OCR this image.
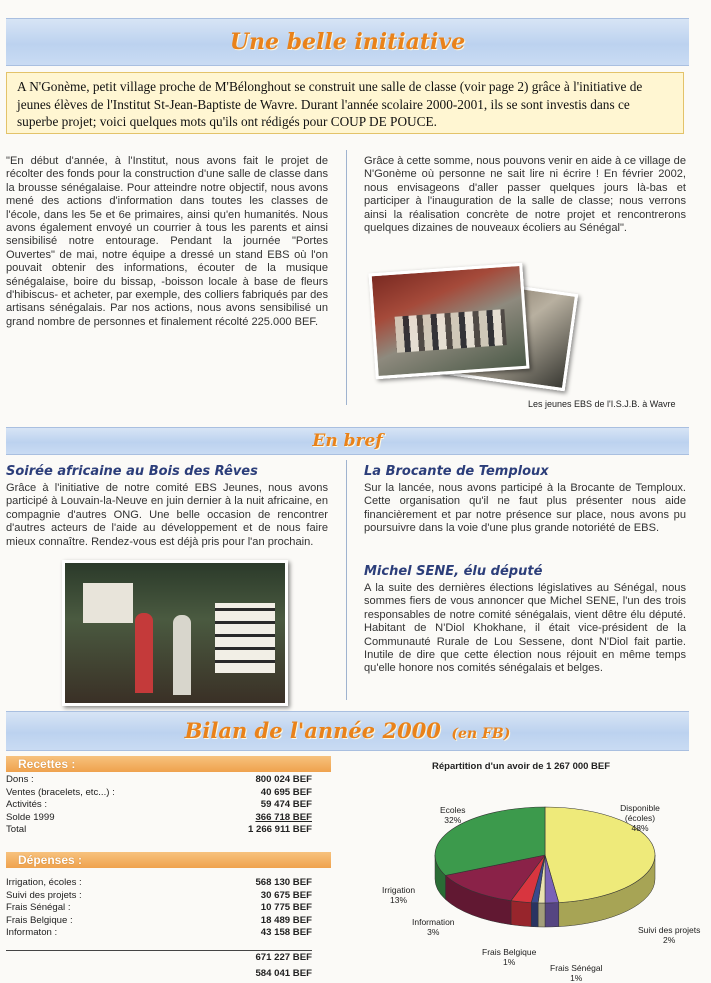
Une belle initiative
A N'Gonème, petit village proche de M'Bélonghout se construit une salle de classe (voir page 2) grâce à l'initiative de jeunes élèves de l'Institut St-Jean-Baptiste de Wavre. Durant l'année scolaire 2000-2001, ils se sont investis dans ce superbe projet; voici quelques mots qu'ils ont rédigés pour COUP DE POUCE.
"En début d'année, à l'Institut, nous avons fait le projet de récolter des fonds pour la construction d'une salle de classe dans la brousse sénégalaise. Pour atteindre notre objectif, nous avons mené des actions d'information dans toutes les classes de l'école, dans les 5e et 6e primaires, ainsi qu'en humanités. Nous avons également envoyé un courrier à tous les parents et ainsi sensibilisé notre entourage. Pendant la journée "Portes Ouvertes" de mai, notre équipe a dressé un stand EBS où l'on pouvait obtenir des informations, écouter de la musique sénégalaise, boire du bissap, -boisson locale à base de fleurs d'hibiscus- et acheter, par exemple, des colliers fabriqués par des artisans sénégalais. Par nos actions, nous avons sensibilisé un grand nombre de personnes et finalement récolté 225.000 BEF.
Grâce à cette somme, nous pouvons venir en aide à ce village de N'Gonème où personne ne sait lire ni écrire ! En février 2002, nous envisageons d'aller passer quelques jours là-bas et participer à l'inauguration de la salle de classe; nous verrons ainsi la réalisation concrète de notre projet et rencontrerons quelques dizaines de nouveaux écoliers au Sénégal".
Les jeunes EBS de l'I.S.J.B. à Wavre
En bref
Soirée africaine au Bois des Rêves
Grâce à l'initiative de notre comité EBS Jeunes, nous avons participé à Louvain-la-Neuve en juin dernier à la nuit africaine, en compagnie d'autres ONG. Une belle occasion de rencontrer d'autres acteurs de l'aide au développement et de nous faire mieux connaître. Rendez-vous est déjà pris pour l'an prochain.
La Brocante de Temploux
Sur la lancée, nous avons participé à la Brocante de Temploux. Cette organisation qu'il ne faut plus présenter nous aide financièrement et par notre présence sur place, nous avons pu poursuivre dans la voie d'une plus grande notoriété de EBS.
Michel SENE, élu député
A la suite des dernières élections législatives au Sénégal, nous sommes fiers de vous annoncer que Michel SENE, l'un des trois responsables de notre comité sénégalais, vient dêtre élu député. Habitant de N'Diol Khokhane, il était vice-président de la Communauté Rurale de Lou Sessene, dont N'Diol fait partie. Inutile de dire que cette élection nous réjouit en même temps qu'elle honore nos comités sénégalais et belges.
Bilan de l'année 2000 (en FB)
Recettes :
Dons :	800 024 BEF
Ventes (bracelets, etc...) :	40 695 BEF
Activités :	59 474 BEF
Solde 1999	366 718 BEF
Total	1 266 911 BEF
Dépenses :
Irrigation, écoles :	568 130 BEF
Suivi des projets :	30 675 BEF
Frais Sénégal :	10 775 BEF
Frais Belgique :	18 489 BEF
Informaton :	43 158 BEF
671 227 BEF
584 041 BEF
Répartition d'un avoir de 1 267 000 BEF
Disponible (écoles)
48%
Suivi des projets
2%
Frais Sénégal
1%
Frais Belgique
1%
Information
3%
Irrigation
13%
Ecoles
32%
